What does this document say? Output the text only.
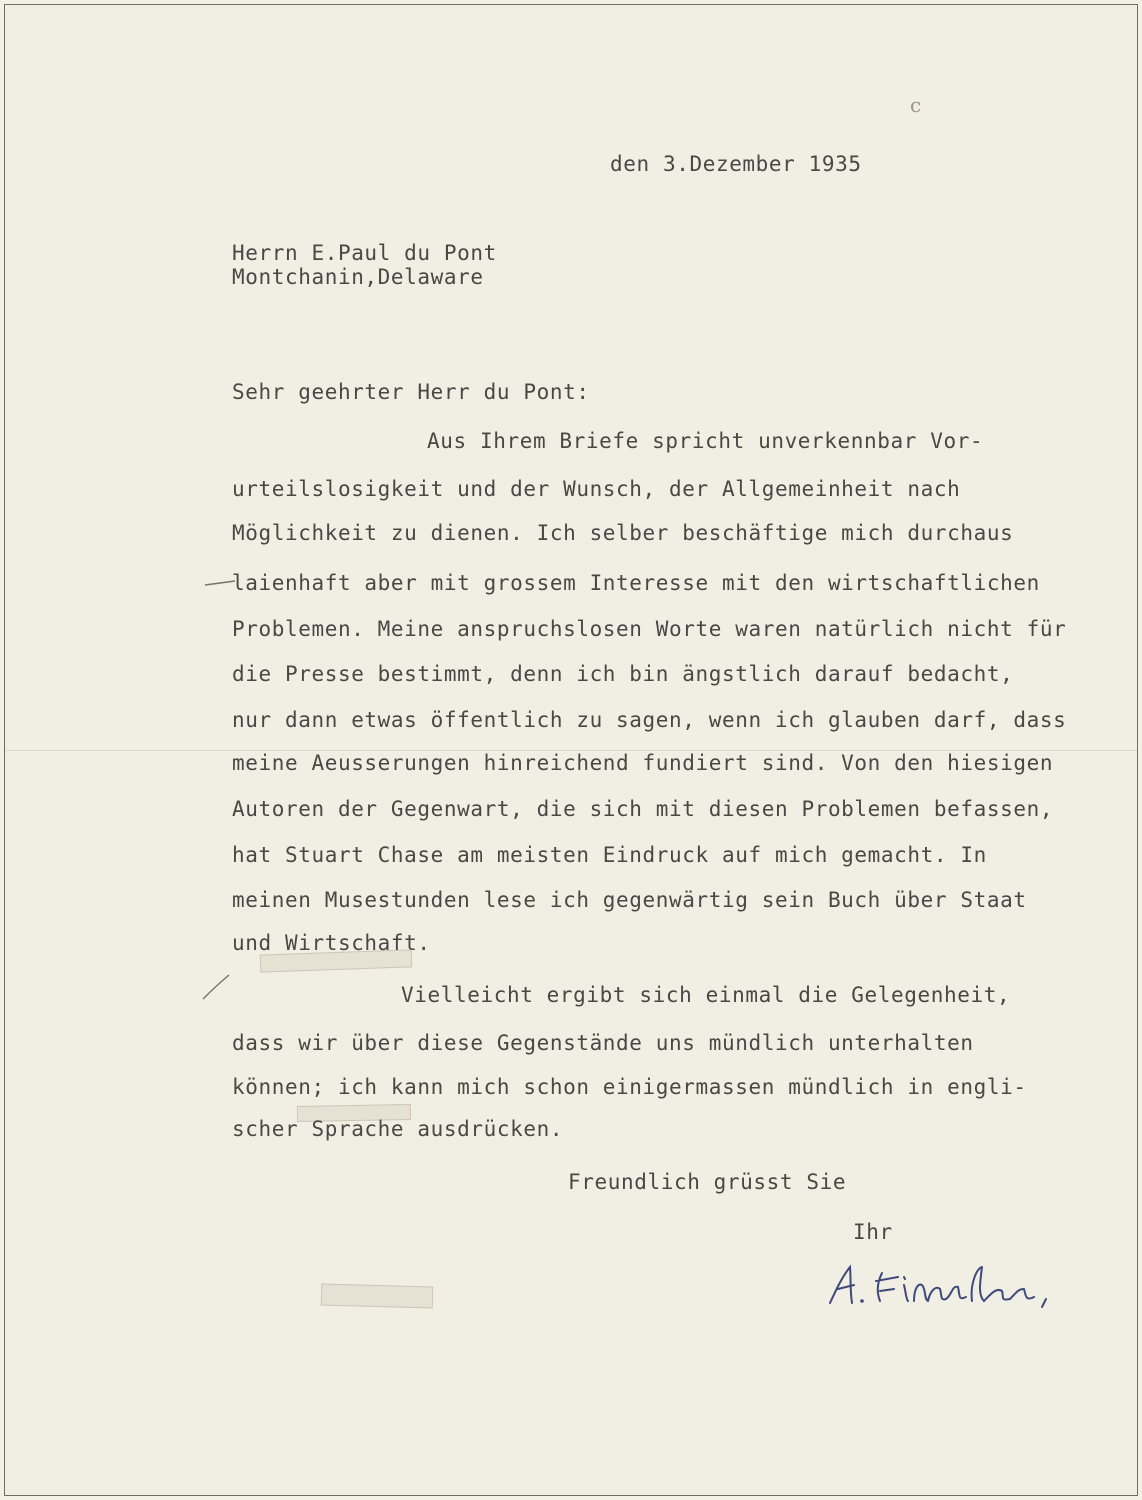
c
den 3.Dezember 1935
Herrn E.Paul du Pont
Montchanin,Delaware
Sehr geehrter Herr du Pont:
Aus Ihrem Briefe spricht unverkennbar Vor-
urteilslosigkeit und der Wunsch, der Allgemeinheit nach
Möglichkeit zu dienen. Ich selber beschäftige mich durchaus
laienhaft aber mit grossem Interesse mit den wirtschaftlichen
Problemen. Meine anspruchslosen Worte waren natürlich nicht für
die Presse bestimmt, denn ich bin ängstlich darauf bedacht,
nur dann etwas öffentlich zu sagen, wenn ich glauben darf, dass
meine Aeusserungen hinreichend fundiert sind. Von den hiesigen
Autoren der Gegenwart, die sich mit diesen Problemen befassen,
hat Stuart Chase am meisten Eindruck auf mich gemacht. In
meinen Musestunden lese ich gegenwärtig sein Buch über Staat
und Wirtschaft.
Vielleicht ergibt sich einmal die Gelegenheit,
dass wir über diese Gegenstände uns mündlich unterhalten
können; ich kann mich schon einigermassen mündlich in engli-
scher Sprache ausdrücken.
Freundlich grüsst Sie
Ihr
